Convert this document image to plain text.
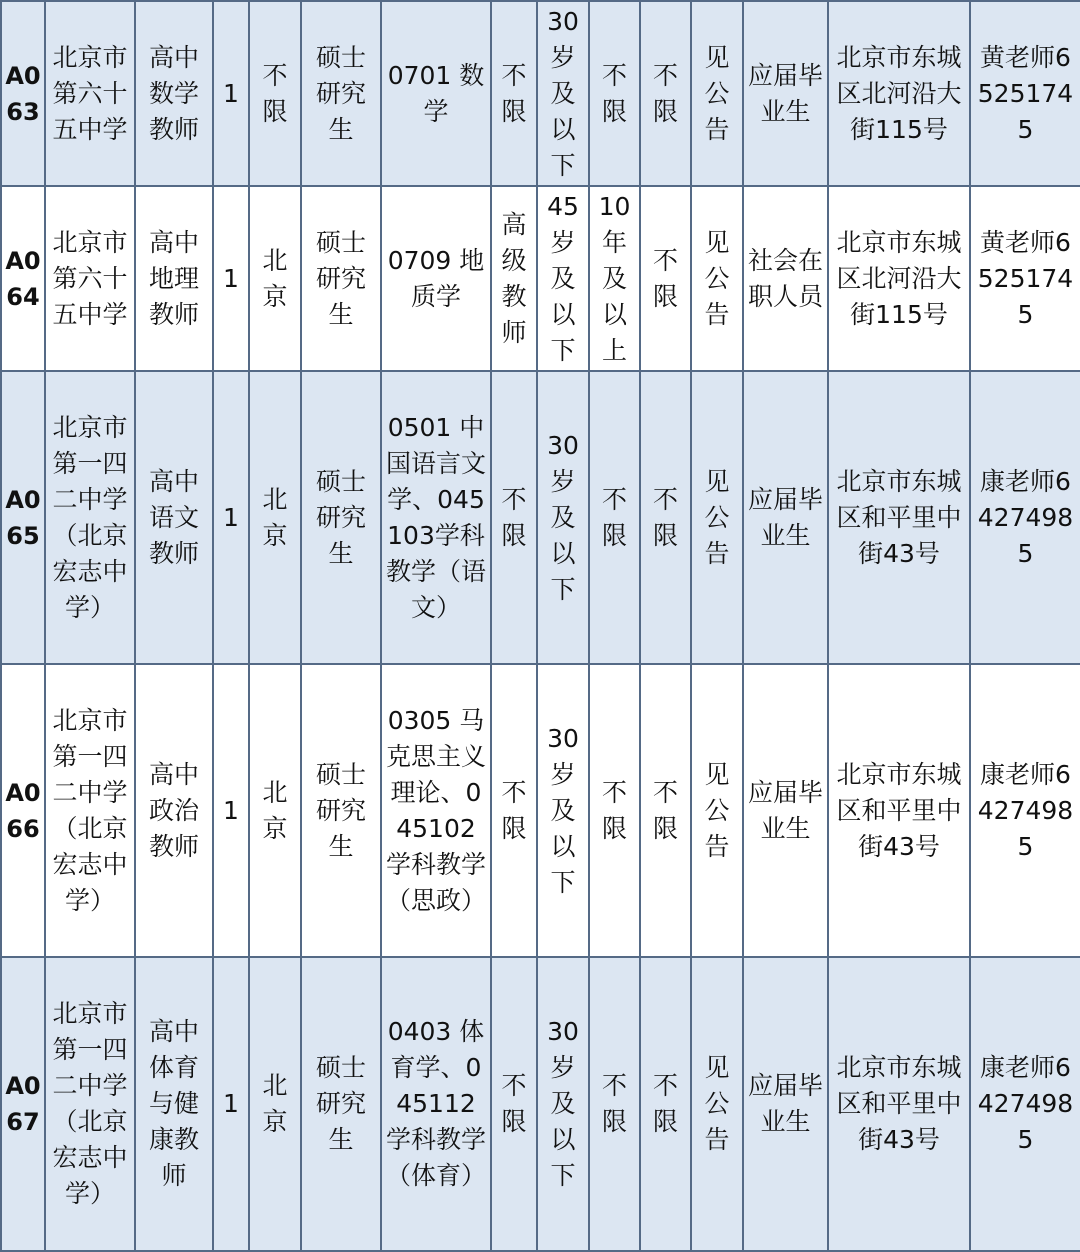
A063	北京市第六十五中学	高中数学教师	1	不限	硕士研究生	0701 数学	不限	30岁及以下	不限	不限	见公告	应届毕业生	北京市东城区北河沿大街115号	黄老师65251745
A064	北京市第六十五中学	高中地理教师	1	北京	硕士研究生	0709 地质学	高级教师	45岁及以下	10年及以上	不限	见公告	社会在职人员	北京市东城区北河沿大街115号	黄老师65251745
A065	北京市第一四二中学（北京宏志中学）	高中语文教师	1	北京	硕士研究生	0501 中国语言文学、045103学科教学（语文）	不限	30岁及以下	不限	不限	见公告	应届毕业生	北京市东城区和平里中街43号	康老师64274985
A066	北京市第一四二中学（北京宏志中学）	高中政治教师	1	北京	硕士研究生	0305 马克思主义理论、045102学科教学（思政）	不限	30岁及以下	不限	不限	见公告	应届毕业生	北京市东城区和平里中街43号	康老师64274985
A067	北京市第一四二中学（北京宏志中学）	高中体育与健康教师	1	北京	硕士研究生	0403 体育学、045112学科教学（体育）	不限	30岁及以下	不限	不限	见公告	应届毕业生	北京市东城区和平里中街43号	康老师64274985
